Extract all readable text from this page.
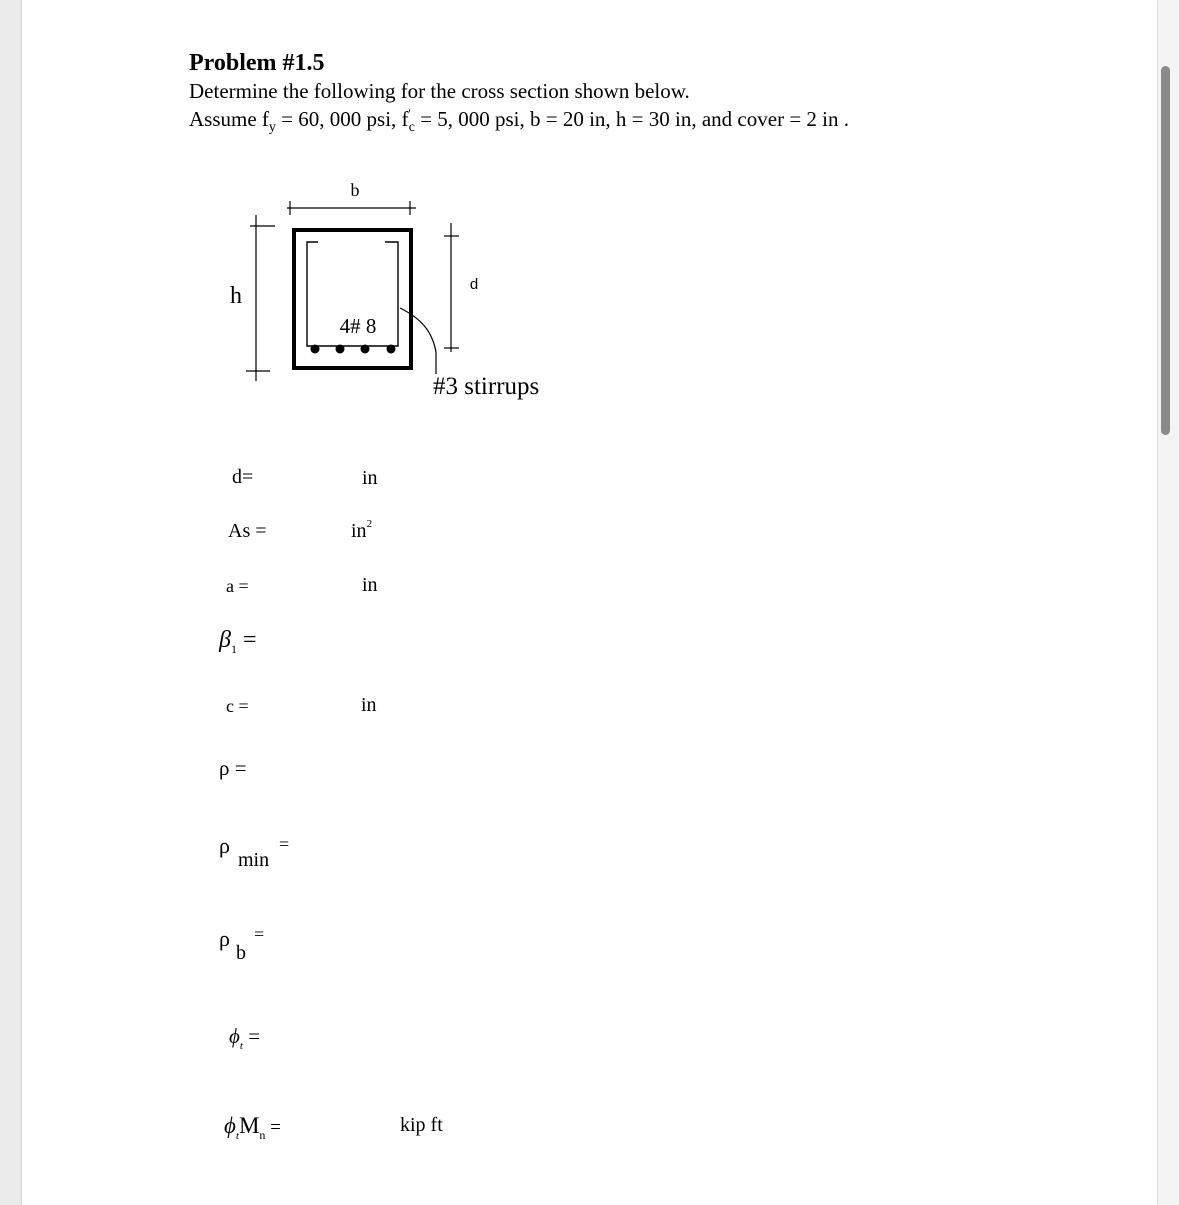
Problem #1.5
Determine the following for the cross section shown below.
Assume $f_y = 60$, 000 psi, $f'_c = 5$, 000 psi, b = 20 in, h = 30 in, and cover = 2 in .
b
h	d
4# 8
#3 stirrups
d=	in
As =	$in^2$
a =	in
$\beta_1$ =
c =	in
ρ =
ρ
min
=
ρ
b
=
$\phi_t$ =
$\phi_tM_n$ =	kip ft
